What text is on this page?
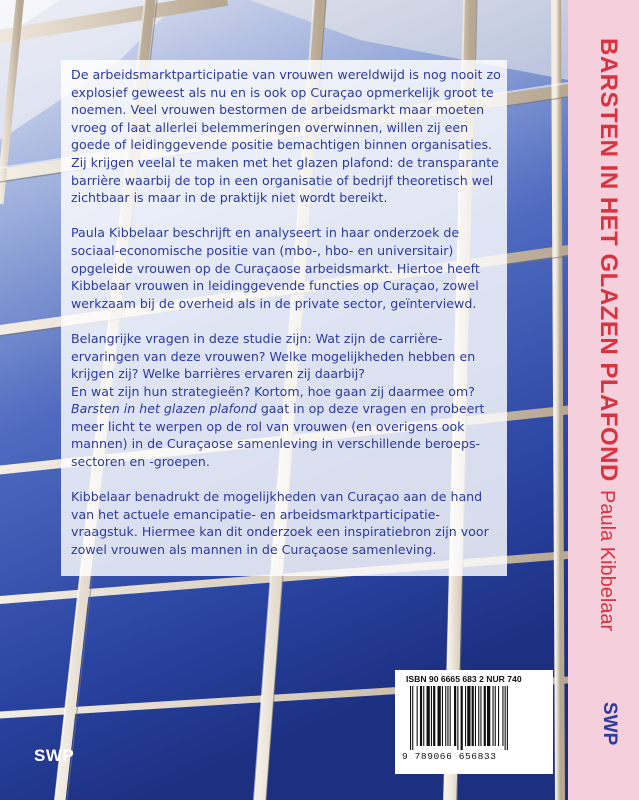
De arbeidsmarktparticipatie van vrouwen wereldwijd is nog nooit zo explosief geweest als nu en is ook op Curaçao opmerkelijk groot te noemen. Veel vrouwen bestormen de arbeidsmarkt maar moeten vroeg of laat allerlei belemmeringen overwinnen, willen zij een goede of leidinggevende positie bemachtigen binnen organisaties.
Zij krijgen veelal te maken met het glazen plafond: de transparante barrière waarbij de top in een organisatie of bedrijf theoretisch wel zichtbaar is maar in de praktijk niet wordt bereikt.

Paula Kibbelaar beschrijft en analyseert in haar onderzoek de sociaal-economische positie van (mbo-, hbo- en universitair) opgeleide vrouwen op de Curaçaose arbeidsmarkt. Hiertoe heeft Kibbelaar vrouwen in leidinggevende functies op Curaçao, zowel werkzaam bij de overheid als in de private sector, geïnterviewd.

Belangrijke vragen in deze studie zijn: Wat zijn de carrière-ervaringen van deze vrouwen? Welke mogelijkheden hebben en krijgen zij? Welke barrières ervaren zij daarbij?
En wat zijn hun strategieën? Kortom, hoe gaan zij daarmee om?
Barsten in het glazen plafond gaat in op deze vragen en probeert meer licht te werpen op de rol van vrouwen (en overigens ook mannen) in de Curaçaose samenleving in verschillende beroeps-sectoren en -groepen.

Kibbelaar benadrukt de mogelijkheden van Curaçao aan de hand van het actuele emancipatie- en arbeidsmarktparticipatie-vraagstuk. Hiermee kan dit onderzoek een inspiratiebron zijn voor zowel vrouwen als mannen in de Curaçaose samenleving.

SWP
ISBN 90 6665 683 2 NUR 740
9 789066 656833
www.swpbook.com
BARSTEN IN HET GLAZEN PLAFOND
Paula Kibbelaar
SWP
